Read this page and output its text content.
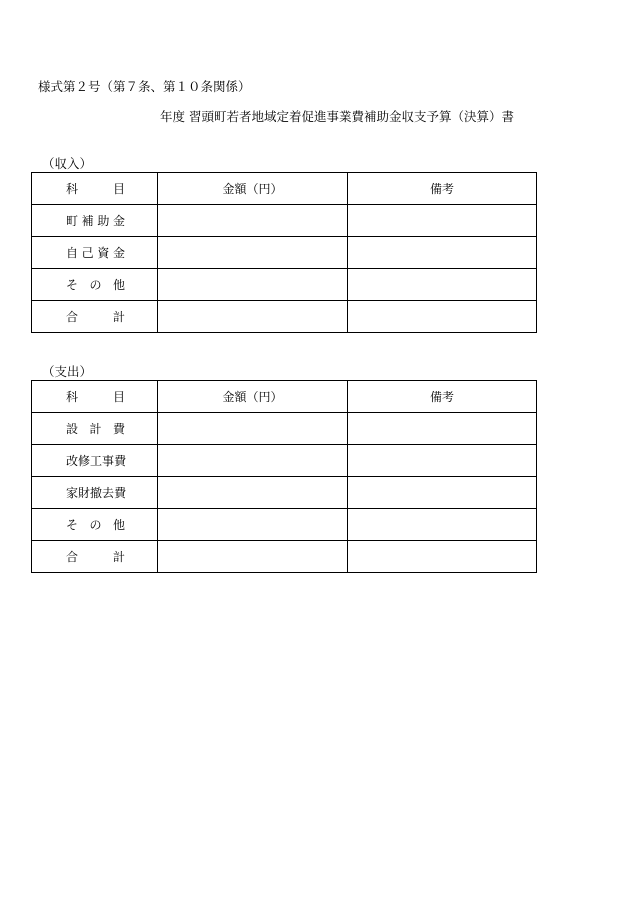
様式第２号（第７条、第１０条関係）
年度 習頭町若者地域定着促進事業費補助金収支予算（決算）書
（収入）
科 目	金額（円）	備考

町 補 助 金		

自 己 資 金		

そ の 他		

合 計		

（支出）
科 目	金額（円）	備考

設 計 費		

改 修 工 事 費		

家 財 撤 去 費		

そ の 他		

合 計		
